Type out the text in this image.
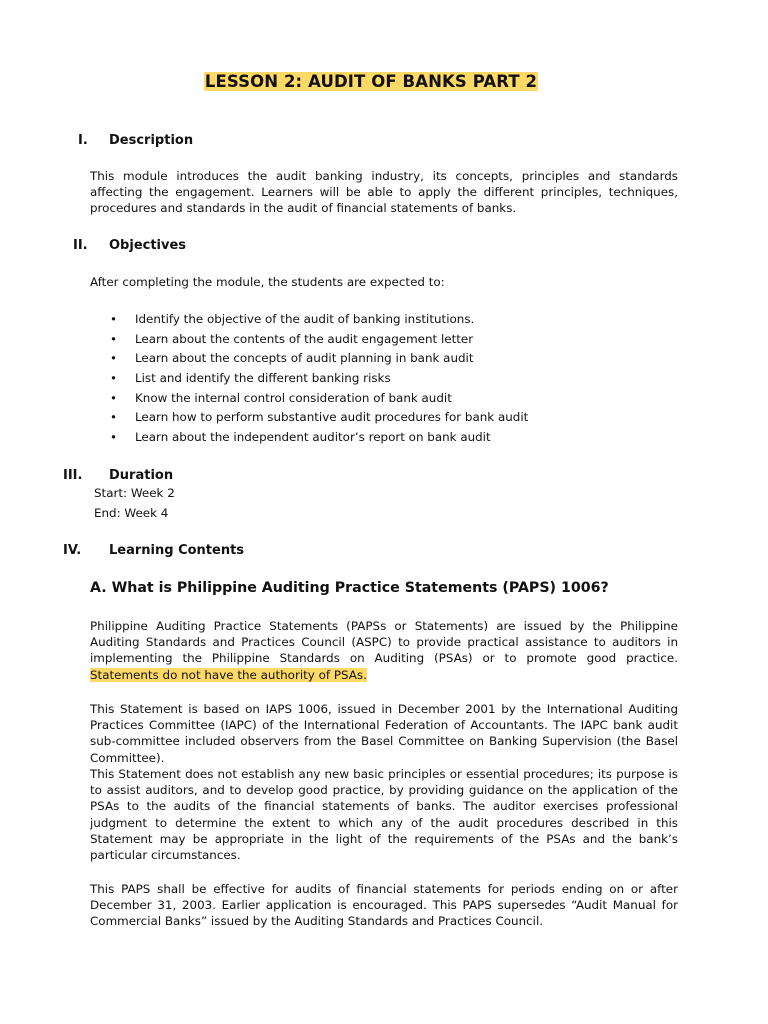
LESSON 2: AUDIT OF BANKS PART 2
I. Description
This module introduces the audit banking industry, its concepts, principles and standards affecting the engagement. Learners will be able to apply the different principles, techniques, procedures and standards in the audit of financial statements of banks.
II. Objectives
After completing the module, the students are expected to:
• Identify the objective of the audit of banking institutions.
• Learn about the contents of the audit engagement letter
• Learn about the concepts of audit planning in bank audit
• List and identify the different banking risks
• Know the internal control consideration of bank audit
• Learn how to perform substantive audit procedures for bank audit
• Learn about the independent auditor’s report on bank audit
III. Duration
Start: Week 2
End: Week 4
IV. Learning Contents
A. What is Philippine Auditing Practice Statements (PAPS) 1006?
Philippine Auditing Practice Statements (PAPSs or Statements) are issued by the Philippine Auditing Standards and Practices Council (ASPC) to provide practical assistance to auditors in implementing the Philippine Standards on Auditing (PSAs) or to promote good practice. Statements do not have the authority of PSAs.
This Statement is based on IAPS 1006, issued in December 2001 by the International Auditing Practices Committee (IAPC) of the International Federation of Accountants. The IAPC bank audit sub-committee included observers from the Basel Committee on Banking Supervision (the Basel Committee).
This Statement does not establish any new basic principles or essential procedures; its purpose is to assist auditors, and to develop good practice, by providing guidance on the application of the PSAs to the audits of the financial statements of banks. The auditor exercises professional judgment to determine the extent to which any of the audit procedures described in this Statement may be appropriate in the light of the requirements of the PSAs and the bank’s particular circumstances.
This PAPS shall be effective for audits of financial statements for periods ending on or after December 31, 2003. Earlier application is encouraged. This PAPS supersedes “Audit Manual for Commercial Banks” issued by the Auditing Standards and Practices Council.
